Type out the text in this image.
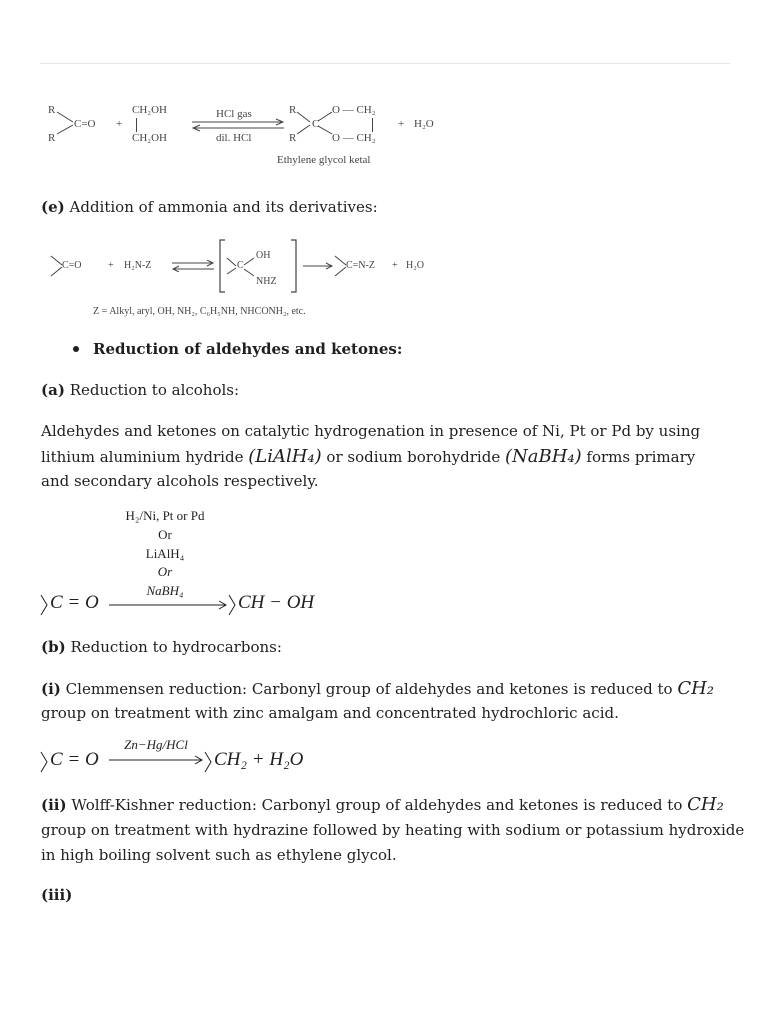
R
R
C=O +
CH₂OH
CH₂OH
HCl gas
dil. HCl
R
R
C
O — CH₂
O — CH₂
+ H₂O
Ethylene glycol ketal
(e) Addition of ammonia and its derivatives:
C=O	+ H₂N-Z	C
OH
NHZ
C=N-Z + H₂O
Z = Alkyl, aryl, OH, NH₂, C₆H₅NH, NHCONH₂, etc.
Reduction of aldehydes and ketones:
(a) Reduction to alcohols:
Aldehydes and ketones on catalytic hydrogenation in presence of Ni, Pt or Pd by using
lithium aluminium hydride (LiAlH₄) or sodium borohydride (NaBH₄) forms primary
and secondary alcohols respectively.
H₂/Ni, Pt or Pd
Or
LiAlH₄
Or
NaBH₄
C = O	CH − OH
(b) Reduction to hydrocarbons:
(i) Clemmensen reduction: Carbonyl group of aldehydes and ketones is reduced to CH₂
group on treatment with zinc amalgam and concentrated hydrochloric acid.
Zn−Hg/HCl
C = O	CH₂ + H₂O
(ii) Wolff-Kishner reduction: Carbonyl group of aldehydes and ketones is reduced to CH₂
group on treatment with hydrazine followed by heating with sodium or potassium hydroxide
in high boiling solvent such as ethylene glycol.
(iii)
